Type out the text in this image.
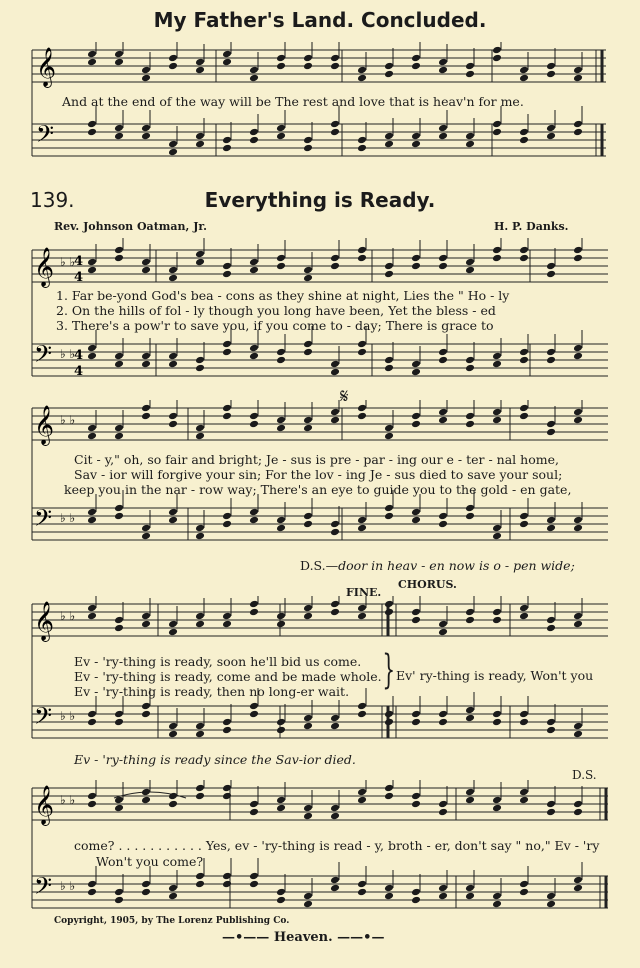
My Father's Land. Concluded.
𝄞
𝄢
And at the end of the way will be The rest and love that is heav'n for me.
139.	Everything is Ready.
Rev. Johnson Oatman, Jr.	H. P. Danks.
𝄞
𝄢
♭ ♭
4
4
♭ ♭
4
4
1. Far be-yond God's bea - cons as they shine at night, Lies the " Ho - ly
2. On the hills of fol - ly though you long have been, Yet the bless - ed
3. There's a pow'r to save you, if you come to - day; There is grace to
𝄋
𝄞
𝄢
♭ ♭
♭ ♭
Cit - y," oh, so fair and bright; Je - sus is pre - par - ing our e - ter - nal home,
Sav - ior will forgive your sin; For the lov - ing Je - sus died to save your soul;
keep you in the nar - row way; There's an eye to guide you to the gold - en gate,
D.S.—door in heav - en now is o - pen wide;
FINE.
CHORUS.
𝄞
𝄢
♭ ♭
♭ ♭
Ev - 'ry-thing is ready, soon he'll bid us come.
Ev - 'ry-thing is ready, come and be made whole.
Ev - 'ry-thing is ready, then no long-er wait. } Ev' ry-thing is ready, Won't you
Ev - 'ry-thing is ready since the Sav-ior died.
D.S.
𝄞
𝄢
♭ ♭
♭ ♭
come? . . . . . . . . . . . Yes, ev - 'ry-thing is read - y, broth - er, don't say " no," Ev - 'ry
Won't you come?
Copyright, 1905, by The Lorenz Publishing Co.
—•—— Heaven. ——•—
